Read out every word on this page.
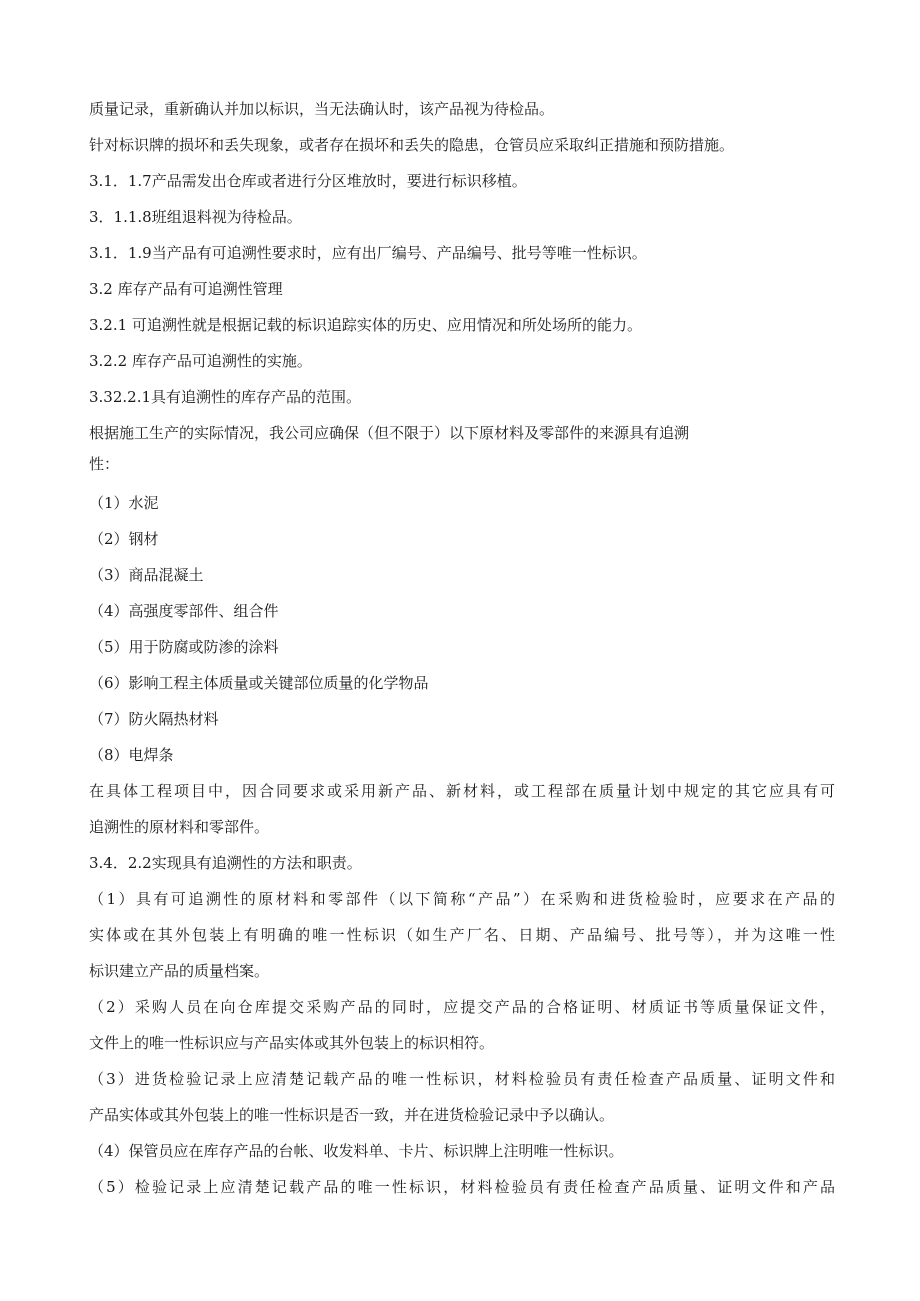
质量记录，重新确认并加以标识，当无法确认时，该产品视为待检品。
针对标识牌的损坏和丢失现象，或者存在损坏和丢失的隐患，仓管员应采取纠正措施和预防措施。
3.1．1.7产品需发出仓库或者进行分区堆放时，要进行标识移植。
3．1.1.8班组退料视为待检品。
3.1．1.9当产品有可追溯性要求时，应有出厂编号、产品编号、批号等唯一性标识。
3.2 库存产品有可追溯性管理
3.2.1 可追溯性就是根据记载的标识追踪实体的历史、应用情况和所处场所的能力。
3.2.2 库存产品可追溯性的实施。
3.32.2.1具有追溯性的库存产品的范围。
根据施工生产的实际情况，我公司应确保（但不限于）以下原材料及零部件的来源具有追溯
性：
（1）水泥
（2）钢材
（3）商品混凝土
（4）高强度零部件、组合件
（5）用于防腐或防渗的涂料
（6）影响工程主体质量或关键部位质量的化学物品
（7）防火隔热材料
（8）电焊条
在具体工程项目中，因合同要求或采用新产品、新材料，或工程部在质量计划中规定的其它应具有可
追溯性的原材料和零部件。
3.4．2.2实现具有追溯性的方法和职责。
（1）具有可追溯性的原材料和零部件（以下简称“产品”）在采购和进货检验时，应要求在产品的
实体或在其外包装上有明确的唯一性标识（如生产厂名、日期、产品编号、批号等），并为这唯一性
标识建立产品的质量档案。
（2）采购人员在向仓库提交采购产品的同时，应提交产品的合格证明、材质证书等质量保证文件，
文件上的唯一性标识应与产品实体或其外包装上的标识相符。
（3）进货检验记录上应清楚记载产品的唯一性标识，材料检验员有责任检查产品质量、证明文件和
产品实体或其外包装上的唯一性标识是否一致，并在进货检验记录中予以确认。
（4）保管员应在库存产品的台帐、收发料单、卡片、标识牌上注明唯一性标识。
（5）检验记录上应清楚记载产品的唯一性标识，材料检验员有责任检查产品质量、证明文件和产品
